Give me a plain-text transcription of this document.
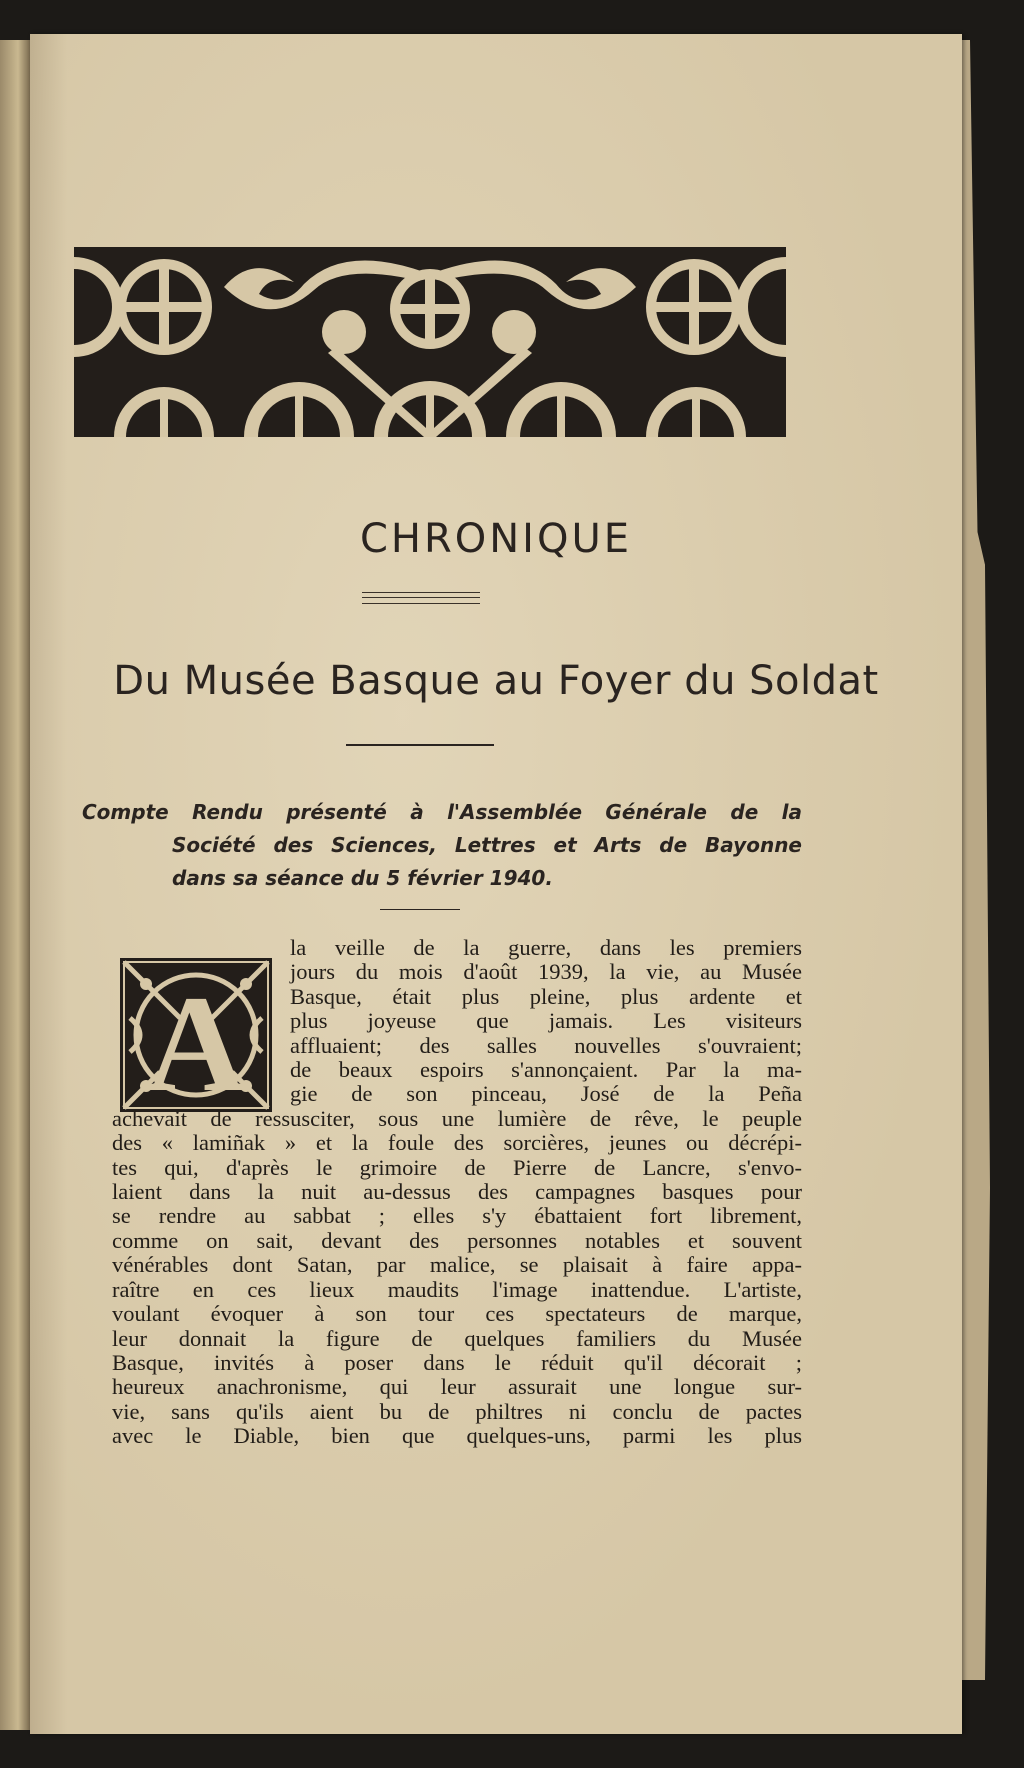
CHRONIQUE
Du Musée Basque au Foyer du Soldat
Compte Rendu présenté à l'Assemblée Générale de la
Société des Sciences, Lettres et Arts de Bayonne
dans sa séance du 5 février 1940.
A
la veille de la guerre, dans les premiers
jours du mois d'août 1939, la vie, au Musée
Basque, était plus pleine, plus ardente et
plus joyeuse que jamais. Les visiteurs
affluaient; des salles nouvelles s'ouvraient;
de beaux espoirs s'annonçaient. Par la ma-
gie de son pinceau, José de la Peña
achevait de ressusciter, sous une lumière de rêve, le peuple
des « lamiñak » et la foule des sorcières, jeunes ou décrépi-
tes qui, d'après le grimoire de Pierre de Lancre, s'envo-
laient dans la nuit au-dessus des campagnes basques pour
se rendre au sabbat ; elles s'y ébattaient fort librement,
comme on sait, devant des personnes notables et souvent
vénérables dont Satan, par malice, se plaisait à faire appa-
raître en ces lieux maudits l'image inattendue. L'artiste,
voulant évoquer à son tour ces spectateurs de marque,
leur donnait la figure de quelques familiers du Musée
Basque, invités à poser dans le réduit qu'il décorait ;
heureux anachronisme, qui leur assurait une longue sur-
vie, sans qu'ils aient bu de philtres ni conclu de pactes
avec le Diable, bien que quelques-uns, parmi les plus
